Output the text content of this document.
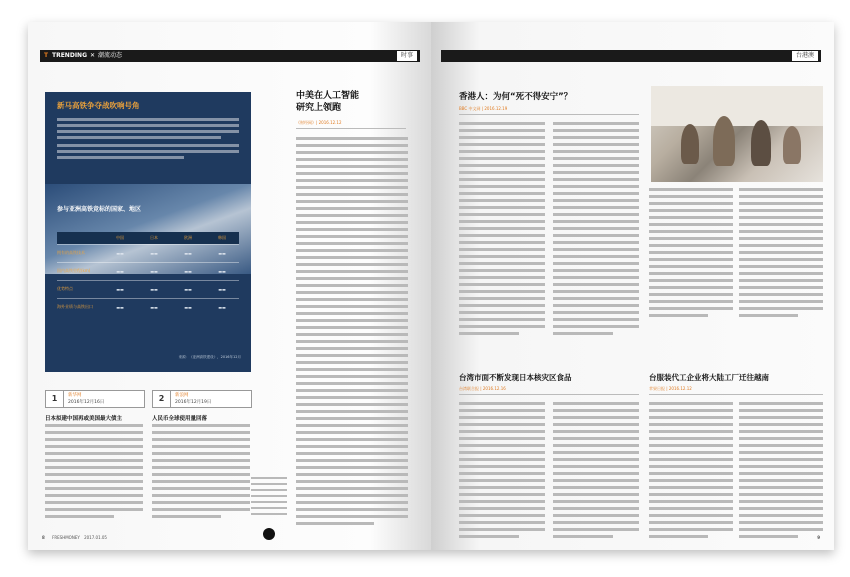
T TRENDING ✕ 潮流动态	时事
新马高铁争夺战吹响号角
参与亚洲高铁竞标的国家、地区
	中国	日本	欧洲	韩国
拥有的高铁技术	▬▬	▬▬	▬▬	▬▬
国内高铁里程(km)	▬▬	▬▬	▬▬	▬▬
优势特点	▬▬	▬▬	▬▬	▬▬
海外业绩与高铁出口	▬▬	▬▬	▬▬	▬▬
来源：《亚洲高铁建设》，2016年12月
1	新华网
2016年12月16日	2	新浪网
2016年12月19日
日本拟建中国再或美国最大债主	人民币全球使用量回落
中美在人工智能
研究上领跑
《财经网》| 2016.12.12
8 FRESHMONEY 2017.01.05
台港澳
香港人：为何“死不得安宁”？
BBC 中文网 | 2016.12.19
台湾市面不断发现日本核灾区食品
台湾联合报 | 2016.12.16
台服装代工企业将大陆工厂迁往越南
苹果日报 | 2016.12.12
9
